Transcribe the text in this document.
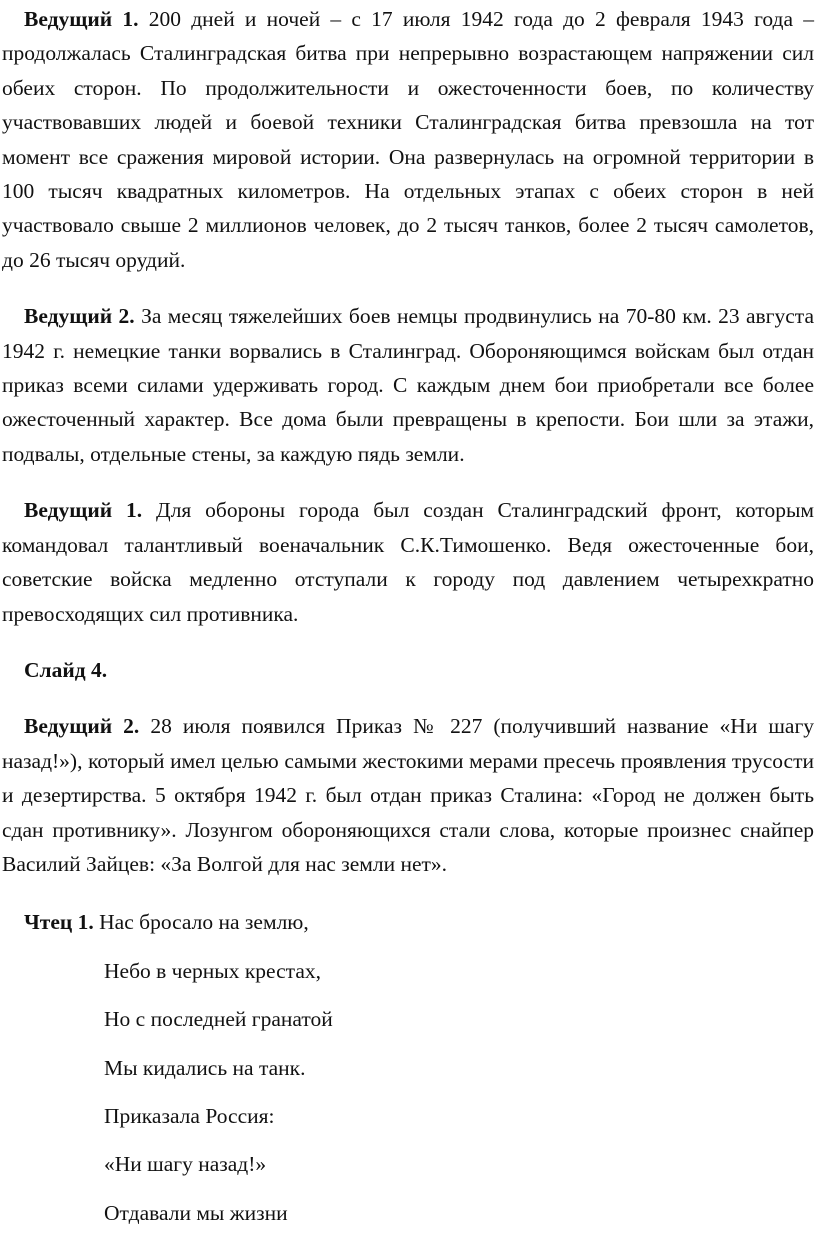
Ведущий 1. 200 дней и ночей – с 17 июля 1942 года до 2 февраля 1943 года – продолжалась Сталинградская битва при непрерывно возрастающем напряжении сил обеих сторон. По продолжительности и ожесточенности боев, по количеству участвовавших людей и боевой техники Сталинградская битва превзошла на тот момент все сражения мировой истории. Она развернулась на огромной территории в 100 тысяч квадратных километров. На отдельных этапах с обеих сторон в ней участвовало свыше 2 миллионов человек, до 2 тысяч танков, более 2 тысяч самолетов, до 26 тысяч орудий.

Ведущий 2. За месяц тяжелейших боев немцы продвинулись на 70-80 км. 23 августа 1942 г. немецкие танки ворвались в Сталинград. Обороняющимся войскам был отдан приказ всеми силами удерживать город. С каждым днем бои приобретали все более ожесточенный характер. Все дома были превращены в крепости. Бои шли за этажи, подвалы, отдельные стены, за каждую пядь земли.

Ведущий 1. Для обороны города был создан Сталинградский фронт, которым командовал талантливый военачальник С.К.Тимошенко. Ведя ожесточенные бои, советские войска медленно отступали к городу под давлением четырехкратно превосходящих сил противника.

Слайд 4.

Ведущий 2. 28 июля появился Приказ № 227 (получивший название «Ни шагу назад!»), который имел целью самыми жестокими мерами пресечь проявления трусости и дезертирства. 5 октября 1942 г. был отдан приказ Сталина: «Город не должен быть сдан противнику». Лозунгом обороняющихся стали слова, которые произнес снайпер Василий Зайцев: «За Волгой для нас земли нет».

Чтец 1. Нас бросало на землю,

Небо в черных крестах,

Но с последней гранатой

Мы кидались на танк.

Приказала Россия:

«Ни шагу назад!»

Отдавали мы жизни
